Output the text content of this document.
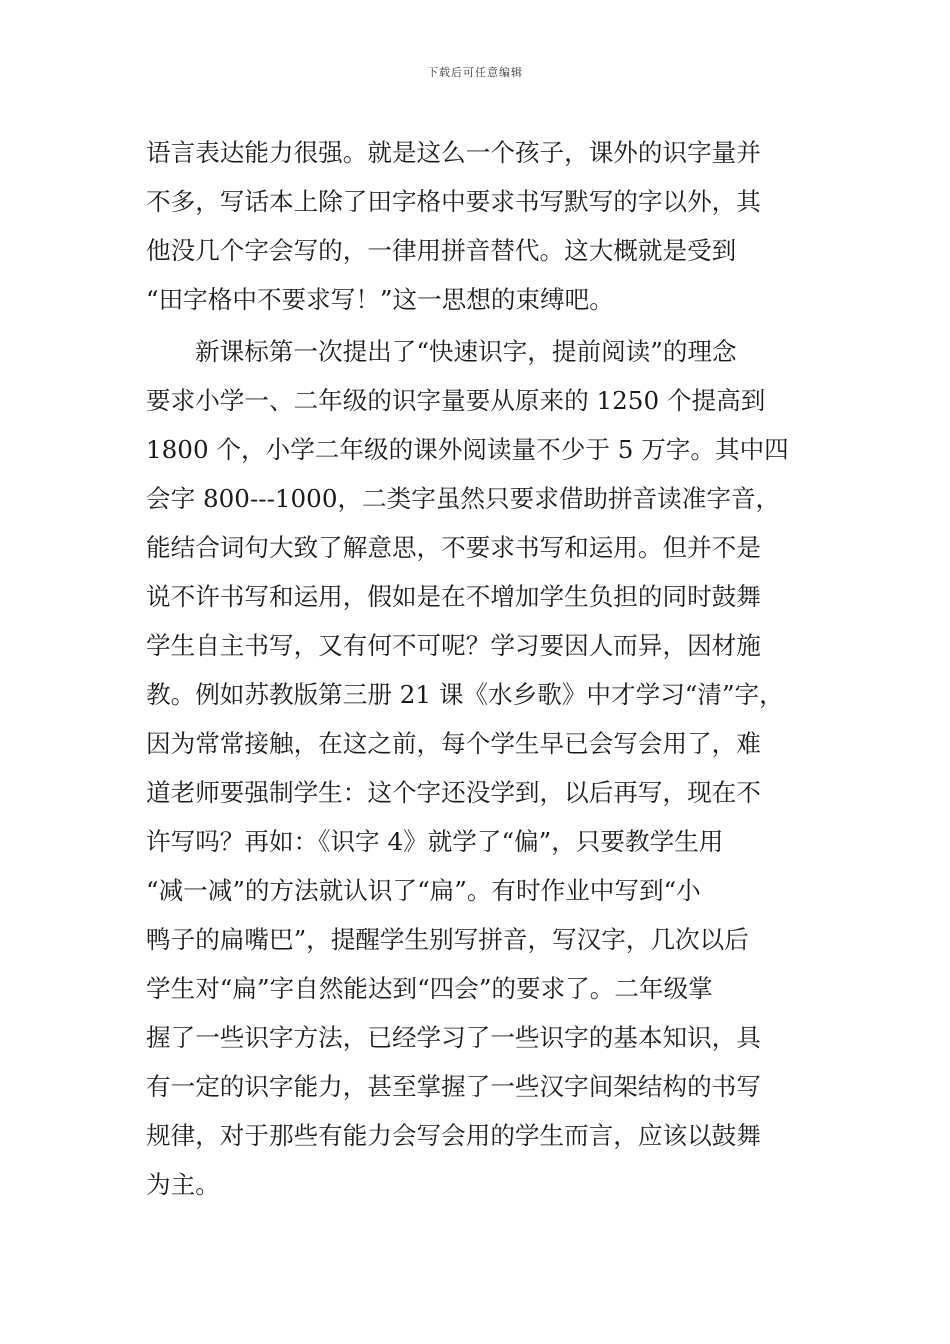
下载后可任意编辑
语言表达能力很强。就是这么一个孩子，课外的识字量并
不多，写话本上除了田字格中要求书写默写的字以外，其
他没几个字会写的，一律用拼音替代。这大概就是受到
“田字格中不要求写！”这一思想的束缚吧。
新课标第一次提出了“快速识字，提前阅读”的理念
要求小学一、二年级的识字量要从原来的 1250 个提高到
1800 个，小学二年级的课外阅读量不少于 5 万字。其中四
会字 800---1000，二类字虽然只要求借助拼音读准字音，
能结合词句大致了解意思，不要求书写和运用。但并不是
说不许书写和运用，假如是在不增加学生负担的同时鼓舞
学生自主书写，又有何不可呢？学习要因人而异，因材施
教。例如苏教版第三册 21 课《水乡歌》中才学习“清”字，
因为常常接触，在这之前，每个学生早已会写会用了，难
道老师要强制学生：这个字还没学到，以后再写，现在不
许写吗？再如：《识字 4》就学了“偏”，只要教学生用
“减一减”的方法就认识了“扁”。有时作业中写到“小
鸭子的扁嘴巴”，提醒学生别写拼音，写汉字，几次以后
学生对“扁”字自然能达到“四会”的要求了。二年级掌
握了一些识字方法，已经学习了一些识字的基本知识，具
有一定的识字能力，甚至掌握了一些汉字间架结构的书写
规律，对于那些有能力会写会用的学生而言，应该以鼓舞
为主。
